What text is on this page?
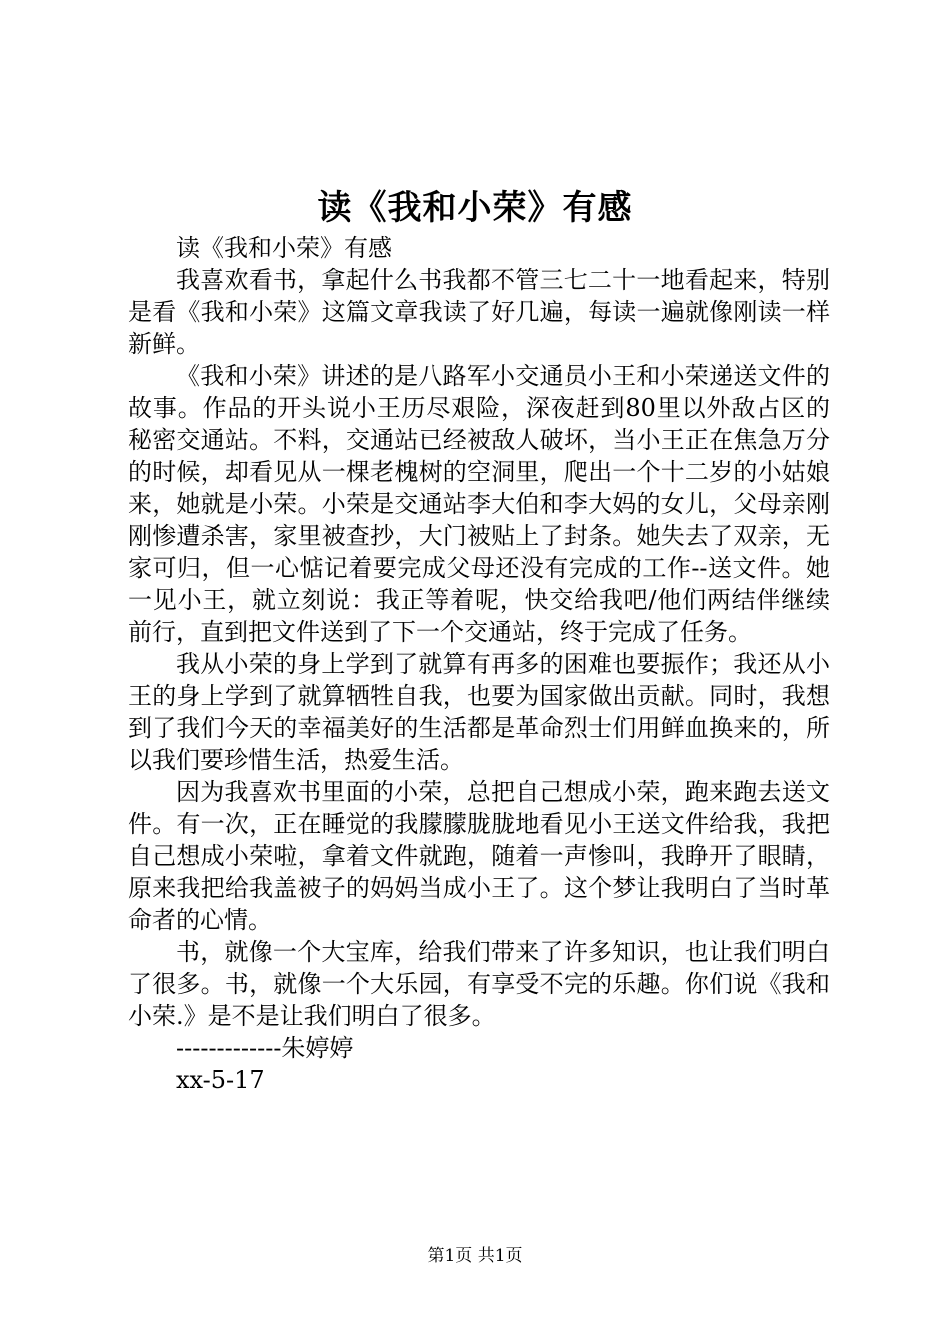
读《我和小荣》有感

读《我和小荣》有感

我喜欢看书，拿起什么书我都不管三七二十一地看起来，特别是看《我和小荣》这篇文章我读了好几遍，每读一遍就像刚读一样新鲜。

《我和小荣》讲述的是八路军小交通员小王和小荣递送文件的故事。作品的开头说小王历尽艰险，深夜赶到80里以外敌占区的秘密交通站。不料，交通站已经被敌人破坏，当小王正在焦急万分的时候，却看见从一棵老槐树的空洞里，爬出一个十二岁的小姑娘来，她就是小荣。小荣是交通站李大伯和李大妈的女儿，父母亲刚刚惨遭杀害，家里被查抄，大门被贴上了封条。她失去了双亲，无家可归，但一心惦记着要完成父母还没有完成的工作--送文件。她一见小王，就立刻说：我正等着呢，快交给我吧/他们两结伴继续前行，直到把文件送到了下一个交通站，终于完成了任务。

我从小荣的身上学到了就算有再多的困难也要振作；我还从小王的身上学到了就算牺牲自我，也要为国家做出贡献。同时，我想到了我们今天的幸福美好的生活都是革命烈士们用鲜血换来的，所以我们要珍惜生活，热爱生活。

因为我喜欢书里面的小荣，总把自己想成小荣，跑来跑去送文件。有一次，正在睡觉的我朦朦胧胧地看见小王送文件给我，我把自己想成小荣啦，拿着文件就跑，随着一声惨叫，我睁开了眼睛，原来我把给我盖被子的妈妈当成小王了。这个梦让我明白了当时革命者的心情。

书，就像一个大宝库，给我们带来了许多知识，也让我们明白了很多。书，就像一个大乐园，有享受不完的乐趣。你们说《我和小荣.》是不是让我们明白了很多。

-------------朱婷婷

xx-5-17

第1页 共1页
